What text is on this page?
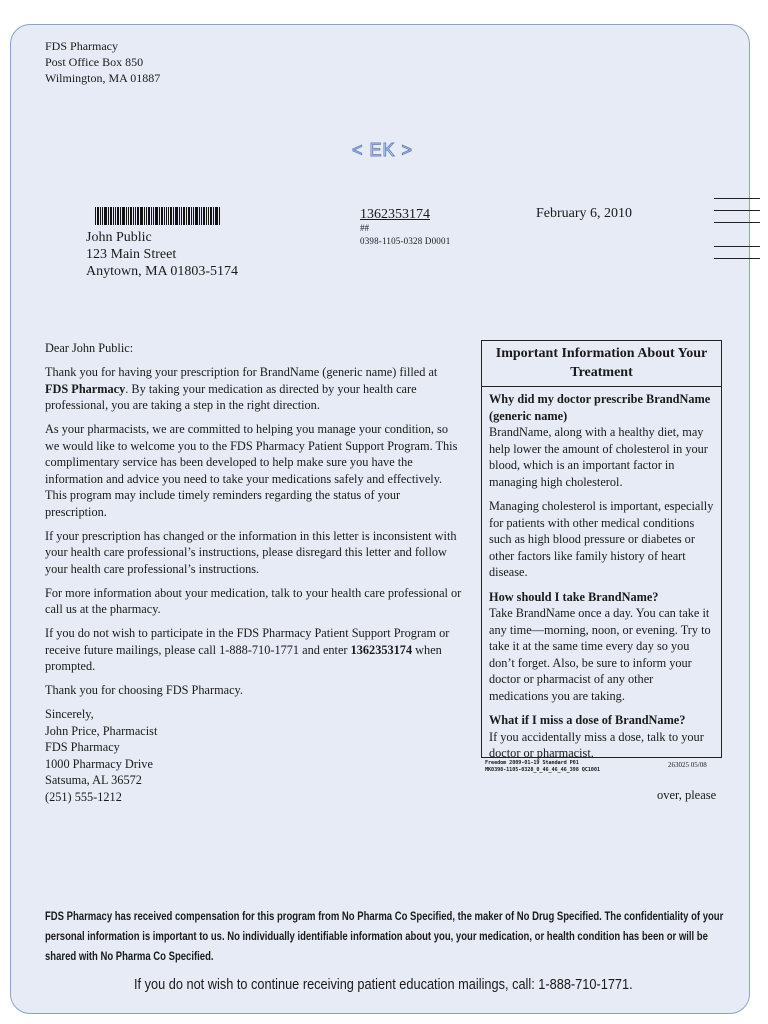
FDS Pharmacy
Post Office Box 850
Wilmington, MA 01887
< EK >
John Public
123 Main Street
Anytown, MA 01803-5174
1362353174
##
0398-1105-0328 D0001
February 6, 2010

Dear John Public:

Thank you for having your prescription for BrandName (generic name) filled at FDS Pharmacy. By taking your medication as directed by your health care professional, you are taking a step in the right direction.

As your pharmacists, we are committed to helping you manage your condition, so we would like to welcome you to the FDS Pharmacy Patient Support Program. This complimentary service has been developed to help make sure you have the information and advice you need to take your medications safely and effectively. This program may include timely reminders regarding the status of your prescription.

If your prescription has changed or the information in this letter is inconsistent with your health care professional’s instructions, please disregard this letter and follow your health care professional’s instructions.

For more information about your medication, talk to your health care professional or call us at the pharmacy.

If you do not wish to participate in the FDS Pharmacy Patient Support Program or receive future mailings, please call 1-888-710-1771 and enter 1362353174 when prompted.

Thank you for choosing FDS Pharmacy.

Sincerely,
John Price, Pharmacist
FDS Pharmacy
1000 Pharmacy Drive
Satsuma, AL 36572
(251) 555-1212
Important Information About Your Treatment
Why did my doctor prescribe BrandName (generic name)

BrandName, along with a healthy diet, may help lower the amount of cholesterol in your blood, which is an important factor in managing high cholesterol.

Managing cholesterol is important, especially for patients with other medical conditions such as high blood pressure or diabetes or other factors like family history of heart disease.

How should I take BrandName?

Take BrandName once a day. You can take it any time—morning, noon, or evening. Try to take it at the same time every day so you don’t forget. Also, be sure to inform your doctor or pharmacist of any other medications you are taking.

What if I miss a dose of BrandName?

If you accidentally miss a dose, talk to your doctor or pharmacist.

Freedom 2009-01-19 Standard P01
MK0398-1105-0328_0_46_46_46_398 QC1001
263025 05/08
over, please
FDS Pharmacy has received compensation for this program from No Pharma Co Specified, the maker of No Drug Specified. The confidentiality of your personal information is important to us. No individually identifiable information about you, your medication, or health condition has been or will be shared with No Pharma Co Specified.
If you do not wish to continue receiving patient education mailings, call: 1-888-710-1771.
